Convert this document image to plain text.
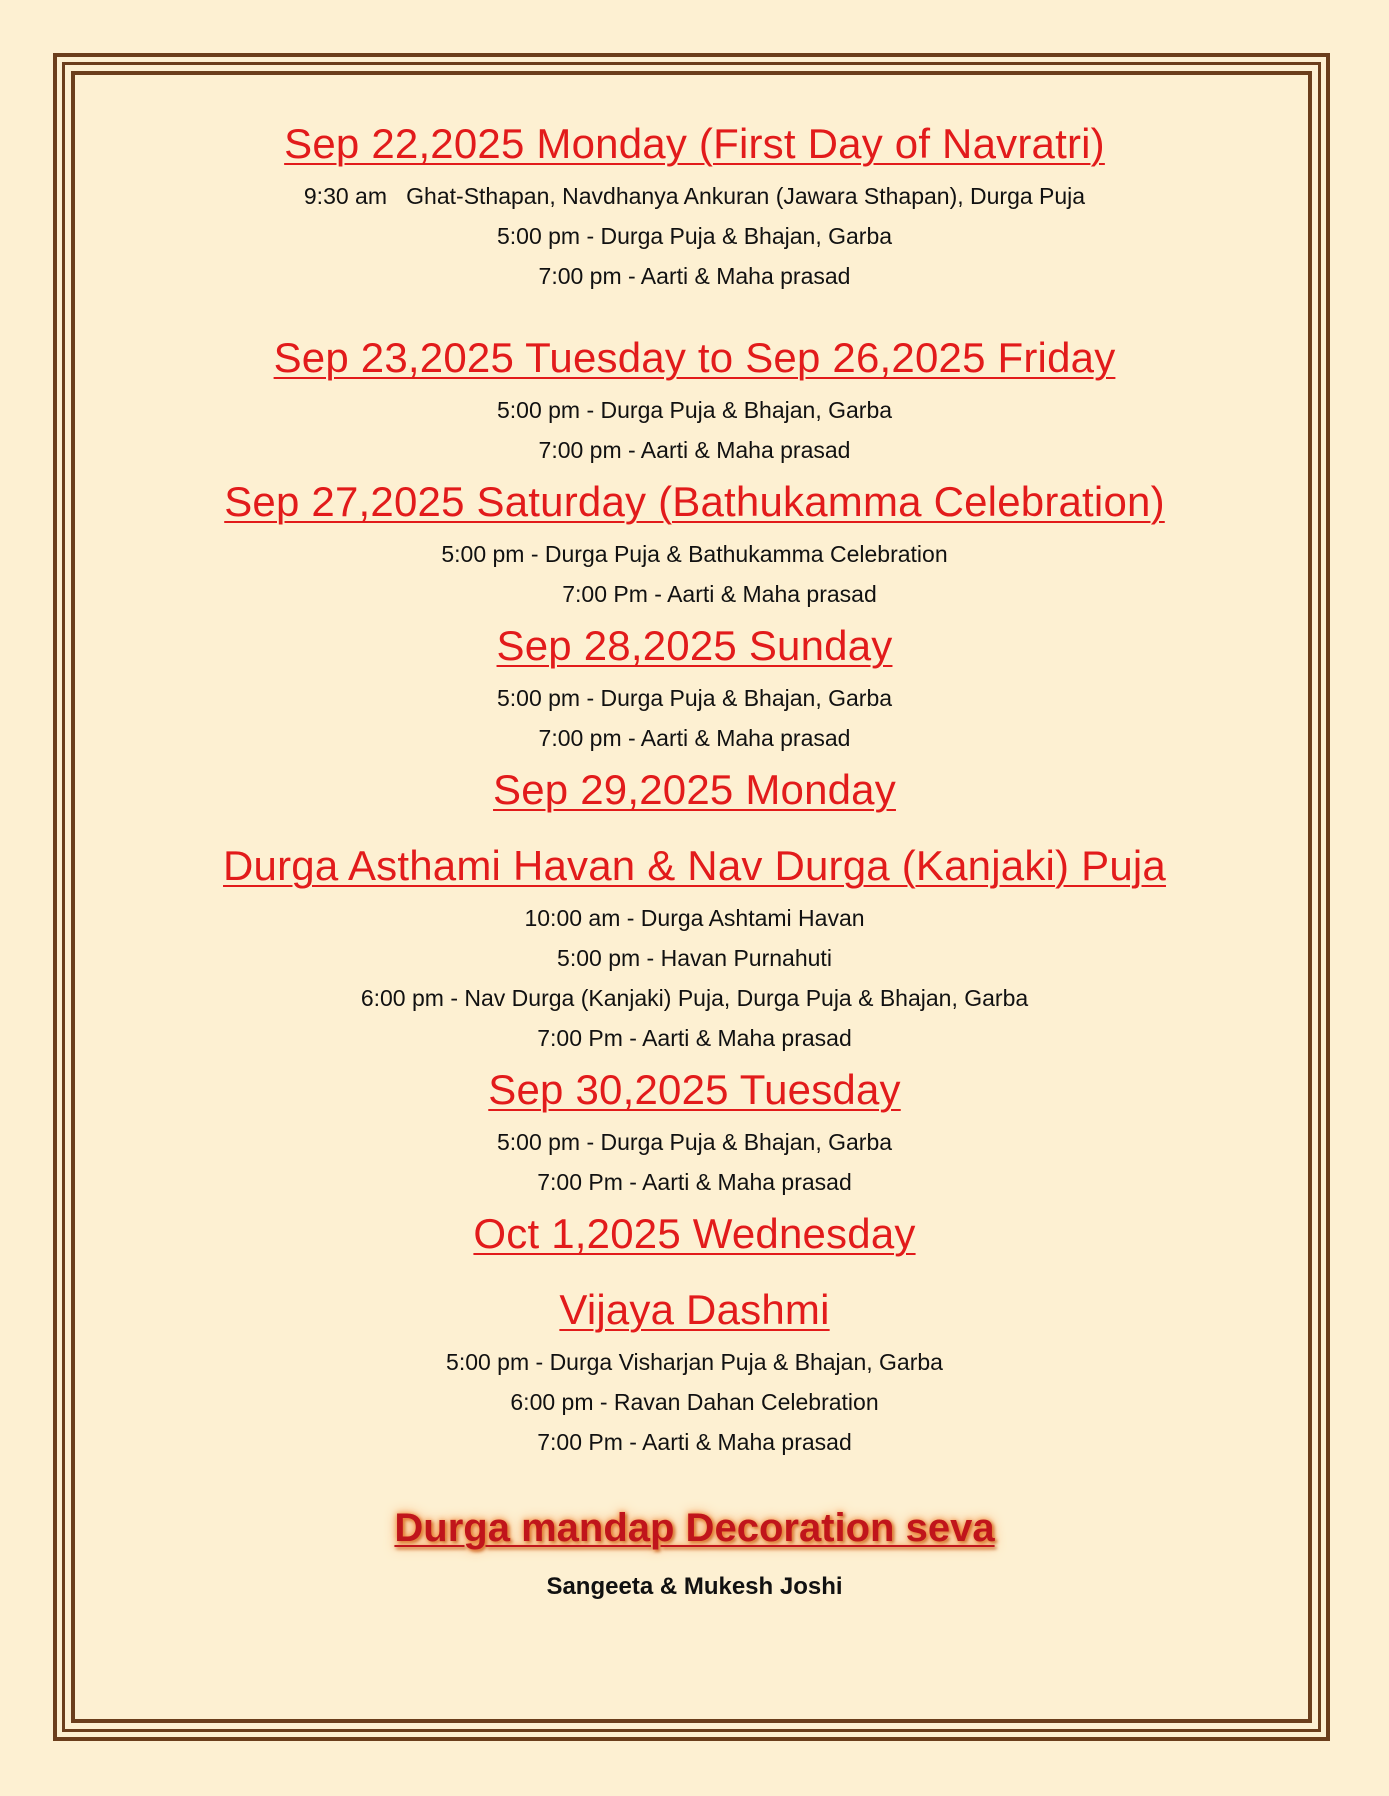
Sep 22,2025 Monday (First Day of Navratri)

9:30 am   Ghat-Sthapan, Navdhanya Ankuran (Jawara Sthapan), Durga Puja

5:00 pm - Durga Puja & Bhajan, Garba

7:00 pm - Aarti & Maha prasad

Sep 23,2025 Tuesday to Sep 26,2025 Friday

5:00 pm - Durga Puja & Bhajan, Garba

7:00 pm - Aarti & Maha prasad

Sep 27,2025 Saturday (Bathukamma Celebration)

5:00 pm - Durga Puja & Bathukamma Celebration

7:00 Pm - Aarti & Maha prasad

Sep 28,2025 Sunday

5:00 pm - Durga Puja & Bhajan, Garba

7:00 pm - Aarti & Maha prasad

Sep 29,2025 Monday
Durga Asthami Havan & Nav Durga (Kanjaki) Puja

10:00 am - Durga Ashtami Havan

5:00 pm - Havan Purnahuti

6:00 pm - Nav Durga (Kanjaki) Puja, Durga Puja & Bhajan, Garba

7:00 Pm - Aarti & Maha prasad

Sep 30,2025 Tuesday

5:00 pm - Durga Puja & Bhajan, Garba

7:00 Pm - Aarti & Maha prasad

Oct 1,2025 Wednesday
Vijaya Dashmi

5:00 pm - Durga Visharjan Puja & Bhajan, Garba

6:00 pm - Ravan Dahan Celebration

7:00 Pm - Aarti & Maha prasad

Durga mandap Decoration seva

Sangeeta & Mukesh Joshi
